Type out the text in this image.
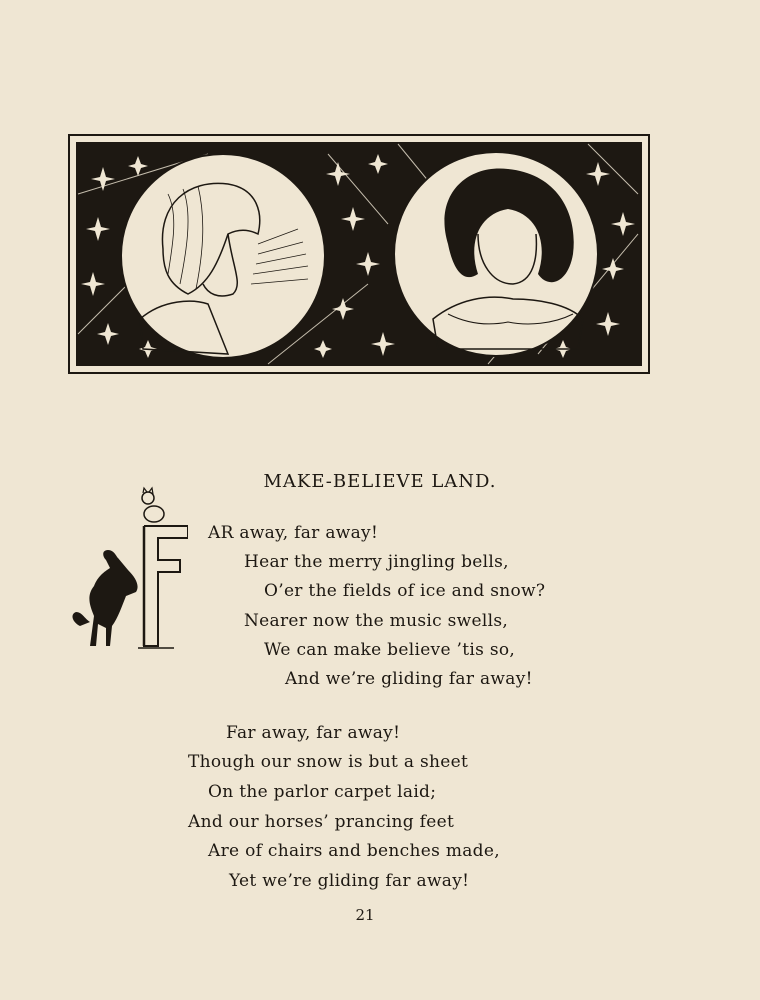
MAKE-BELIEVE LAND.
F
AR away, far away!
Hear the merry jingling bells,
O’er the fields of ice and snow?
Nearer now the music swells,
We can make believe ’tis so,
And we’re gliding far away!
Far away, far away!
Though our snow is but a sheet
On the parlor carpet laid;
And our horses’ prancing feet
Are of chairs and benches made,
Yet we’re gliding far away!
21
